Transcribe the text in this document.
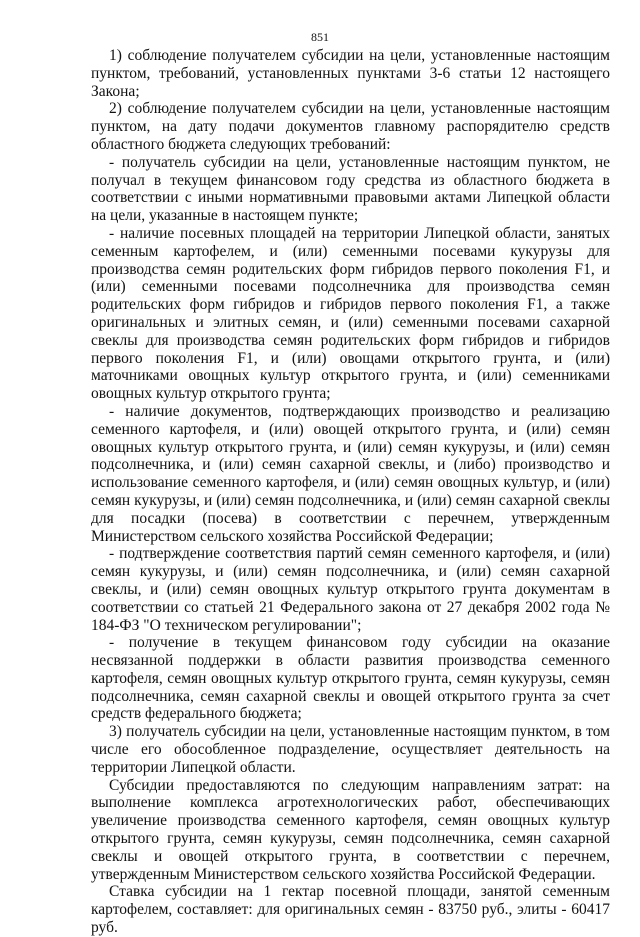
851

1) соблюдение получателем субсидии на цели, установленные настоящим пунктом, требований, установленных пунктами 3-6 статьи 12 настоящего Закона;

2) соблюдение получателем субсидии на цели, установленные настоящим пунктом, на дату подачи документов главному распорядителю средств областного бюджета следующих требований:

- получатель субсидии на цели, установленные настоящим пунктом, не получал в текущем финансовом году средства из областного бюджета в соответствии с иными нормативными правовыми актами Липецкой области на цели, указанные в настоящем пункте;

- наличие посевных площадей на территории Липецкой области, занятых семенным картофелем, и (или) семенными посевами кукурузы для производства семян родительских форм гибридов первого поколения F1, и (или) семенными посевами подсолнечника для производства семян родительских форм гибридов и гибридов первого поколения F1, а также оригинальных и элитных семян, и (или) семенными посевами сахарной свеклы для производства семян родительских форм гибридов и гибридов первого поколения F1, и (или) овощами открытого грунта, и (или) маточниками овощных культур открытого грунта, и (или) семенниками овощных культур открытого грунта;

- наличие документов, подтверждающих производство и реализацию семенного картофеля, и (или) овощей открытого грунта, и (или) семян овощных культур открытого грунта, и (или) семян кукурузы, и (или) семян подсолнечника, и (или) семян сахарной свеклы, и (либо) производство и использование семенного картофеля, и (или) семян овощных культур, и (или) семян кукурузы, и (или) семян подсолнечника, и (или) семян сахарной свеклы для посадки (посева) в соответствии с перечнем, утвержденным Министерством сельского хозяйства Российской Федерации;

- подтверждение соответствия партий семян семенного картофеля, и (или) семян кукурузы, и (или) семян подсолнечника, и (или) семян сахарной свеклы, и (или) семян овощных культур открытого грунта документам в соответствии со статьей 21 Федерального закона от 27 декабря 2002 года № 184-ФЗ "О техническом регулировании";

- получение в текущем финансовом году субсидии на оказание несвязанной поддержки в области развития производства семенного картофеля, семян овощных культур открытого грунта, семян кукурузы, семян подсолнечника, семян сахарной свеклы и овощей открытого грунта за счет средств федерального бюджета;

3) получатель субсидии на цели, установленные настоящим пунктом, в том числе его обособленное подразделение, осуществляет деятельность на территории Липецкой области.

Субсидии предоставляются по следующим направлениям затрат: на выполнение комплекса агротехнологических работ, обеспечивающих увеличение производства семенного картофеля, семян овощных культур открытого грунта, семян кукурузы, семян подсолнечника, семян сахарной свеклы и овощей открытого грунта, в соответствии с перечнем, утвержденным Министерством сельского хозяйства Российской Федерации.

Ставка субсидии на 1 гектар посевной площади, занятой семенным картофелем, составляет: для оригинальных семян - 83750 руб., элиты - 60417 руб.
